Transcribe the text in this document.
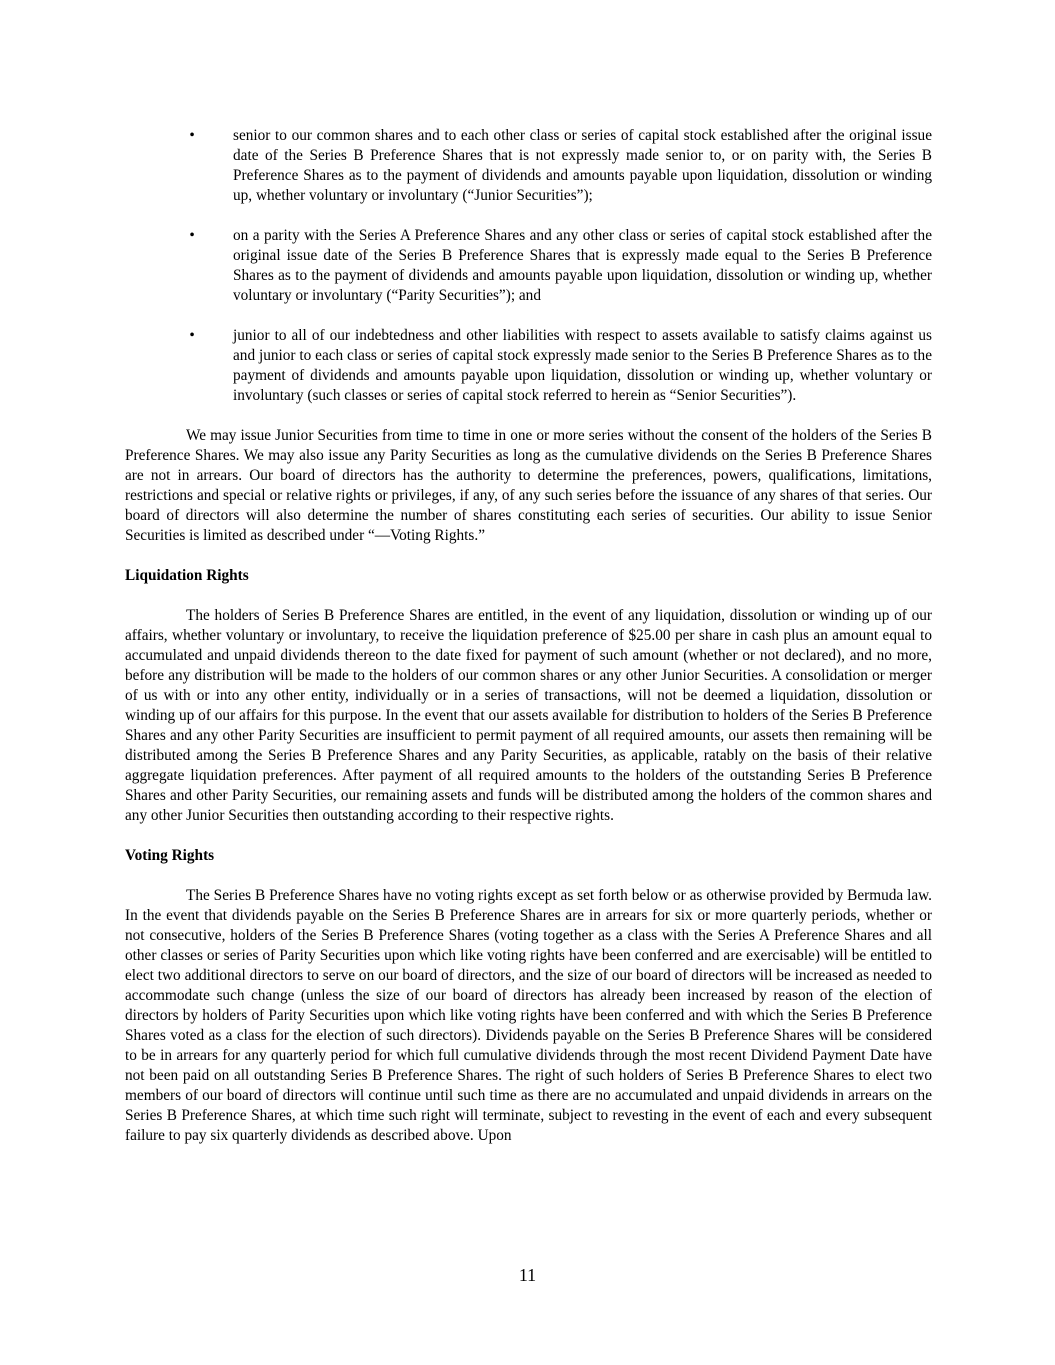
•	senior to our common shares and to each other class or series of capital stock established after the original issue date of the Series B Preference Shares that is not expressly made senior to, or on parity with, the Series B Preference Shares as to the payment of dividends and amounts payable upon liquidation, dissolution or winding up, whether voluntary or involuntary (“Junior Securities”);
•	on a parity with the Series A Preference Shares and any other class or series of capital stock established after the original issue date of the Series B Preference Shares that is expressly made equal to the Series B Preference Shares as to the payment of dividends and amounts payable upon liquidation, dissolution or winding up, whether voluntary or involuntary (“Parity Securities”); and
•	junior to all of our indebtedness and other liabilities with respect to assets available to satisfy claims against us and junior to each class or series of capital stock expressly made senior to the Series B Preference Shares as to the payment of dividends and amounts payable upon liquidation, dissolution or winding up, whether voluntary or involuntary (such classes or series of capital stock referred to herein as “Senior Securities”).

We may issue Junior Securities from time to time in one or more series without the consent of the holders of the Series B Preference Shares. We may also issue any Parity Securities as long as the cumulative dividends on the Series B Preference Shares are not in arrears. Our board of directors has the authority to determine the preferences, powers, qualifications, limitations, restrictions and special or relative rights or privileges, if any, of any such series before the issuance of any shares of that series. Our board of directors will also determine the number of shares constituting each series of securities. Our ability to issue Senior Securities is limited as described under “—Voting Rights.”

Liquidation Rights

The holders of Series B Preference Shares are entitled, in the event of any liquidation, dissolution or winding up of our affairs, whether voluntary or involuntary, to receive the liquidation preference of $25.00 per share in cash plus an amount equal to accumulated and unpaid dividends thereon to the date fixed for payment of such amount (whether or not declared), and no more, before any distribution will be made to the holders of our common shares or any other Junior Securities. A consolidation or merger of us with or into any other entity, individually or in a series of transactions, will not be deemed a liquidation, dissolution or winding up of our affairs for this purpose. In the event that our assets available for distribution to holders of the Series B Preference Shares and any other Parity Securities are insufficient to permit payment of all required amounts, our assets then remaining will be distributed among the Series B Preference Shares and any Parity Securities, as applicable, ratably on the basis of their relative aggregate liquidation preferences. After payment of all required amounts to the holders of the outstanding Series B Preference Shares and other Parity Securities, our remaining assets and funds will be distributed among the holders of the common shares and any other Junior Securities then outstanding according to their respective rights.

Voting Rights

The Series B Preference Shares have no voting rights except as set forth below or as otherwise provided by Bermuda law. In the event that dividends payable on the Series B Preference Shares are in arrears for six or more quarterly periods, whether or not consecutive, holders of the Series B Preference Shares (voting together as a class with the Series A Preference Shares and all other classes or series of Parity Securities upon which like voting rights have been conferred and are exercisable) will be entitled to elect two additional directors to serve on our board of directors, and the size of our board of directors will be increased as needed to accommodate such change (unless the size of our board of directors has already been increased by reason of the election of directors by holders of Parity Securities upon which like voting rights have been conferred and with which the Series B Preference Shares voted as a class for the election of such directors). Dividends payable on the Series B Preference Shares will be considered to be in arrears for any quarterly period for which full cumulative dividends through the most recent Dividend Payment Date have not been paid on all outstanding Series B Preference Shares. The right of such holders of Series B Preference Shares to elect two members of our board of directors will continue until such time as there are no accumulated and unpaid dividends in arrears on the Series B Preference Shares, at which time such right will terminate, subject to revesting in the event of each and every subsequent failure to pay six quarterly dividends as described above. Upon

11
